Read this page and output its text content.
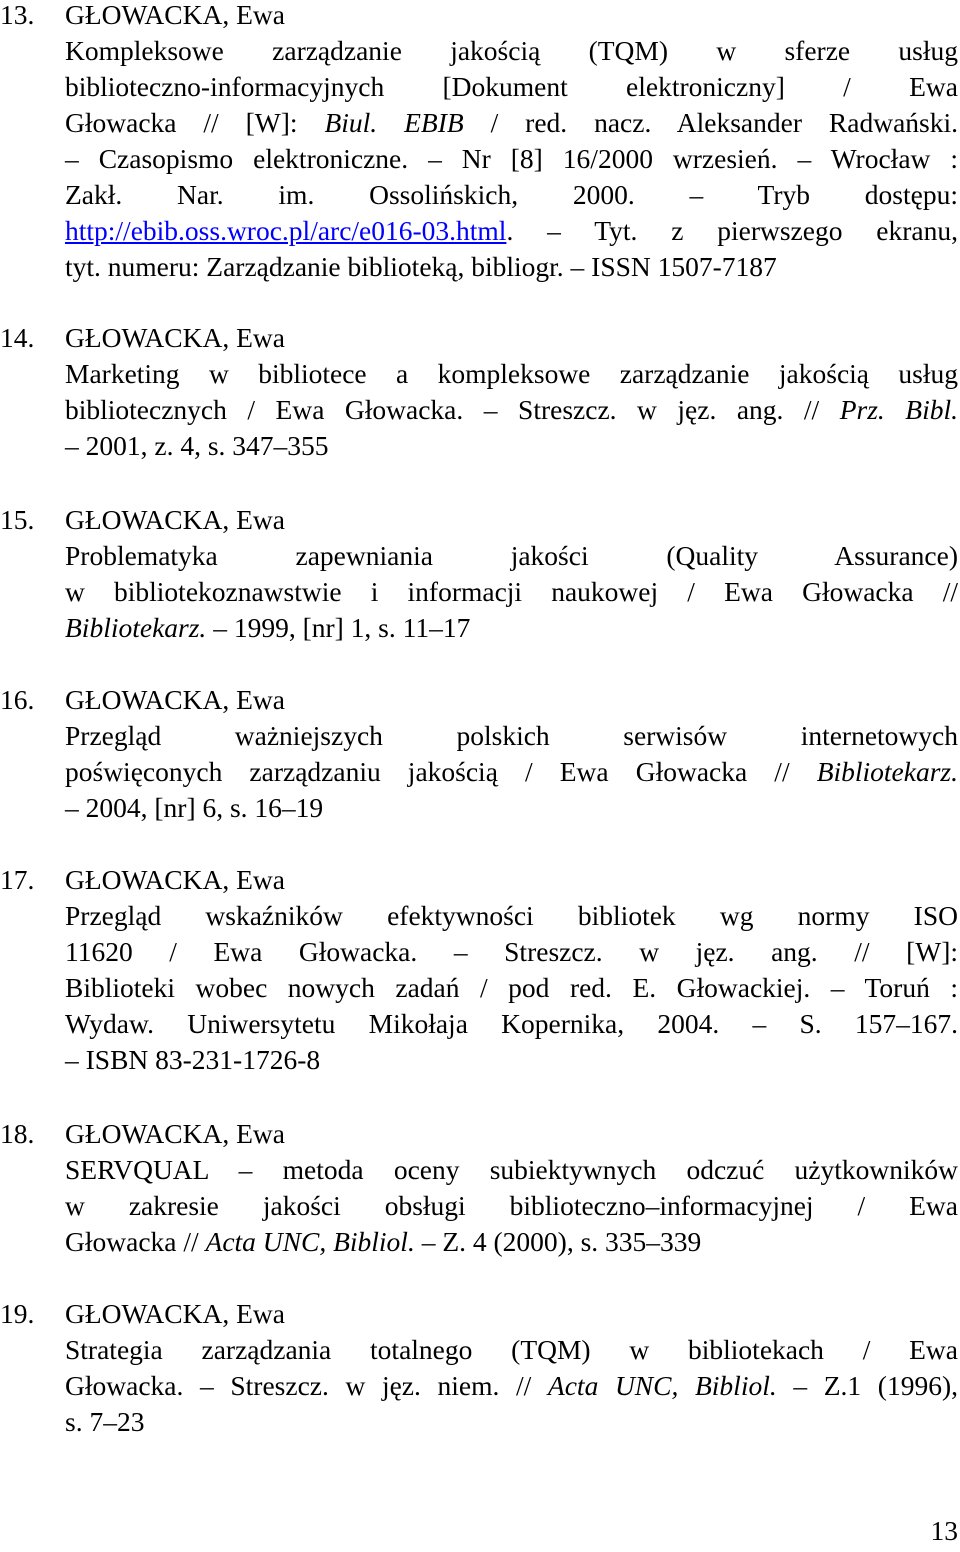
13. GŁOWACKA, Ewa
Kompleksowe zarządzanie jakością (TQM) w sferze usług
biblioteczno-informacyjnych [Dokument elektroniczny] / Ewa
Głowacka // [W]: Biul. EBIB / red. nacz. Aleksander Radwański.
– Czasopismo elektroniczne. – Nr [8] 16/2000 wrzesień. – Wrocław :
Zakł. Nar. im. Ossolińskich, 2000. – Tryb dostępu:
http://ebib.oss.wroc.pl/arc/e016-03.html. – Tyt. z pierwszego ekranu,
tyt. numeru: Zarządzanie biblioteką, bibliogr. – ISSN 1507-7187
14. GŁOWACKA, Ewa
Marketing w bibliotece a kompleksowe zarządzanie jakością usług
bibliotecznych / Ewa Głowacka. – Streszcz. w jęz. ang. // Prz. Bibl.
– 2001, z. 4, s. 347–355
15. GŁOWACKA, Ewa
Problematyka zapewniania jakości (Quality Assurance)
w bibliotekoznawstwie i informacji naukowej / Ewa Głowacka //
Bibliotekarz. – 1999, [nr] 1, s. 11–17
16. GŁOWACKA, Ewa
Przegląd ważniejszych polskich serwisów internetowych
poświęconych zarządzaniu jakością / Ewa Głowacka // Bibliotekarz.
– 2004, [nr] 6, s. 16–19
17. GŁOWACKA, Ewa
Przegląd wskaźników efektywności bibliotek wg normy ISO
11620 / Ewa Głowacka. – Streszcz. w jęz. ang. // [W]:
Biblioteki wobec nowych zadań / pod red. E. Głowackiej. – Toruń :
Wydaw. Uniwersytetu Mikołaja Kopernika, 2004. – S. 157–167.
– ISBN 83-231-1726-8
18. GŁOWACKA, Ewa
SERVQUAL – metoda oceny subiektywnych odczuć użytkowników
w zakresie jakości obsługi biblioteczno–informacyjnej / Ewa
Głowacka // Acta UNC, Bibliol. – Z. 4 (2000), s. 335–339
19. GŁOWACKA, Ewa
Strategia zarządzania totalnego (TQM) w bibliotekach / Ewa
Głowacka. – Streszcz. w jęz. niem. // Acta UNC, Bibliol. – Z.1 (1996),
s. 7–23
13
